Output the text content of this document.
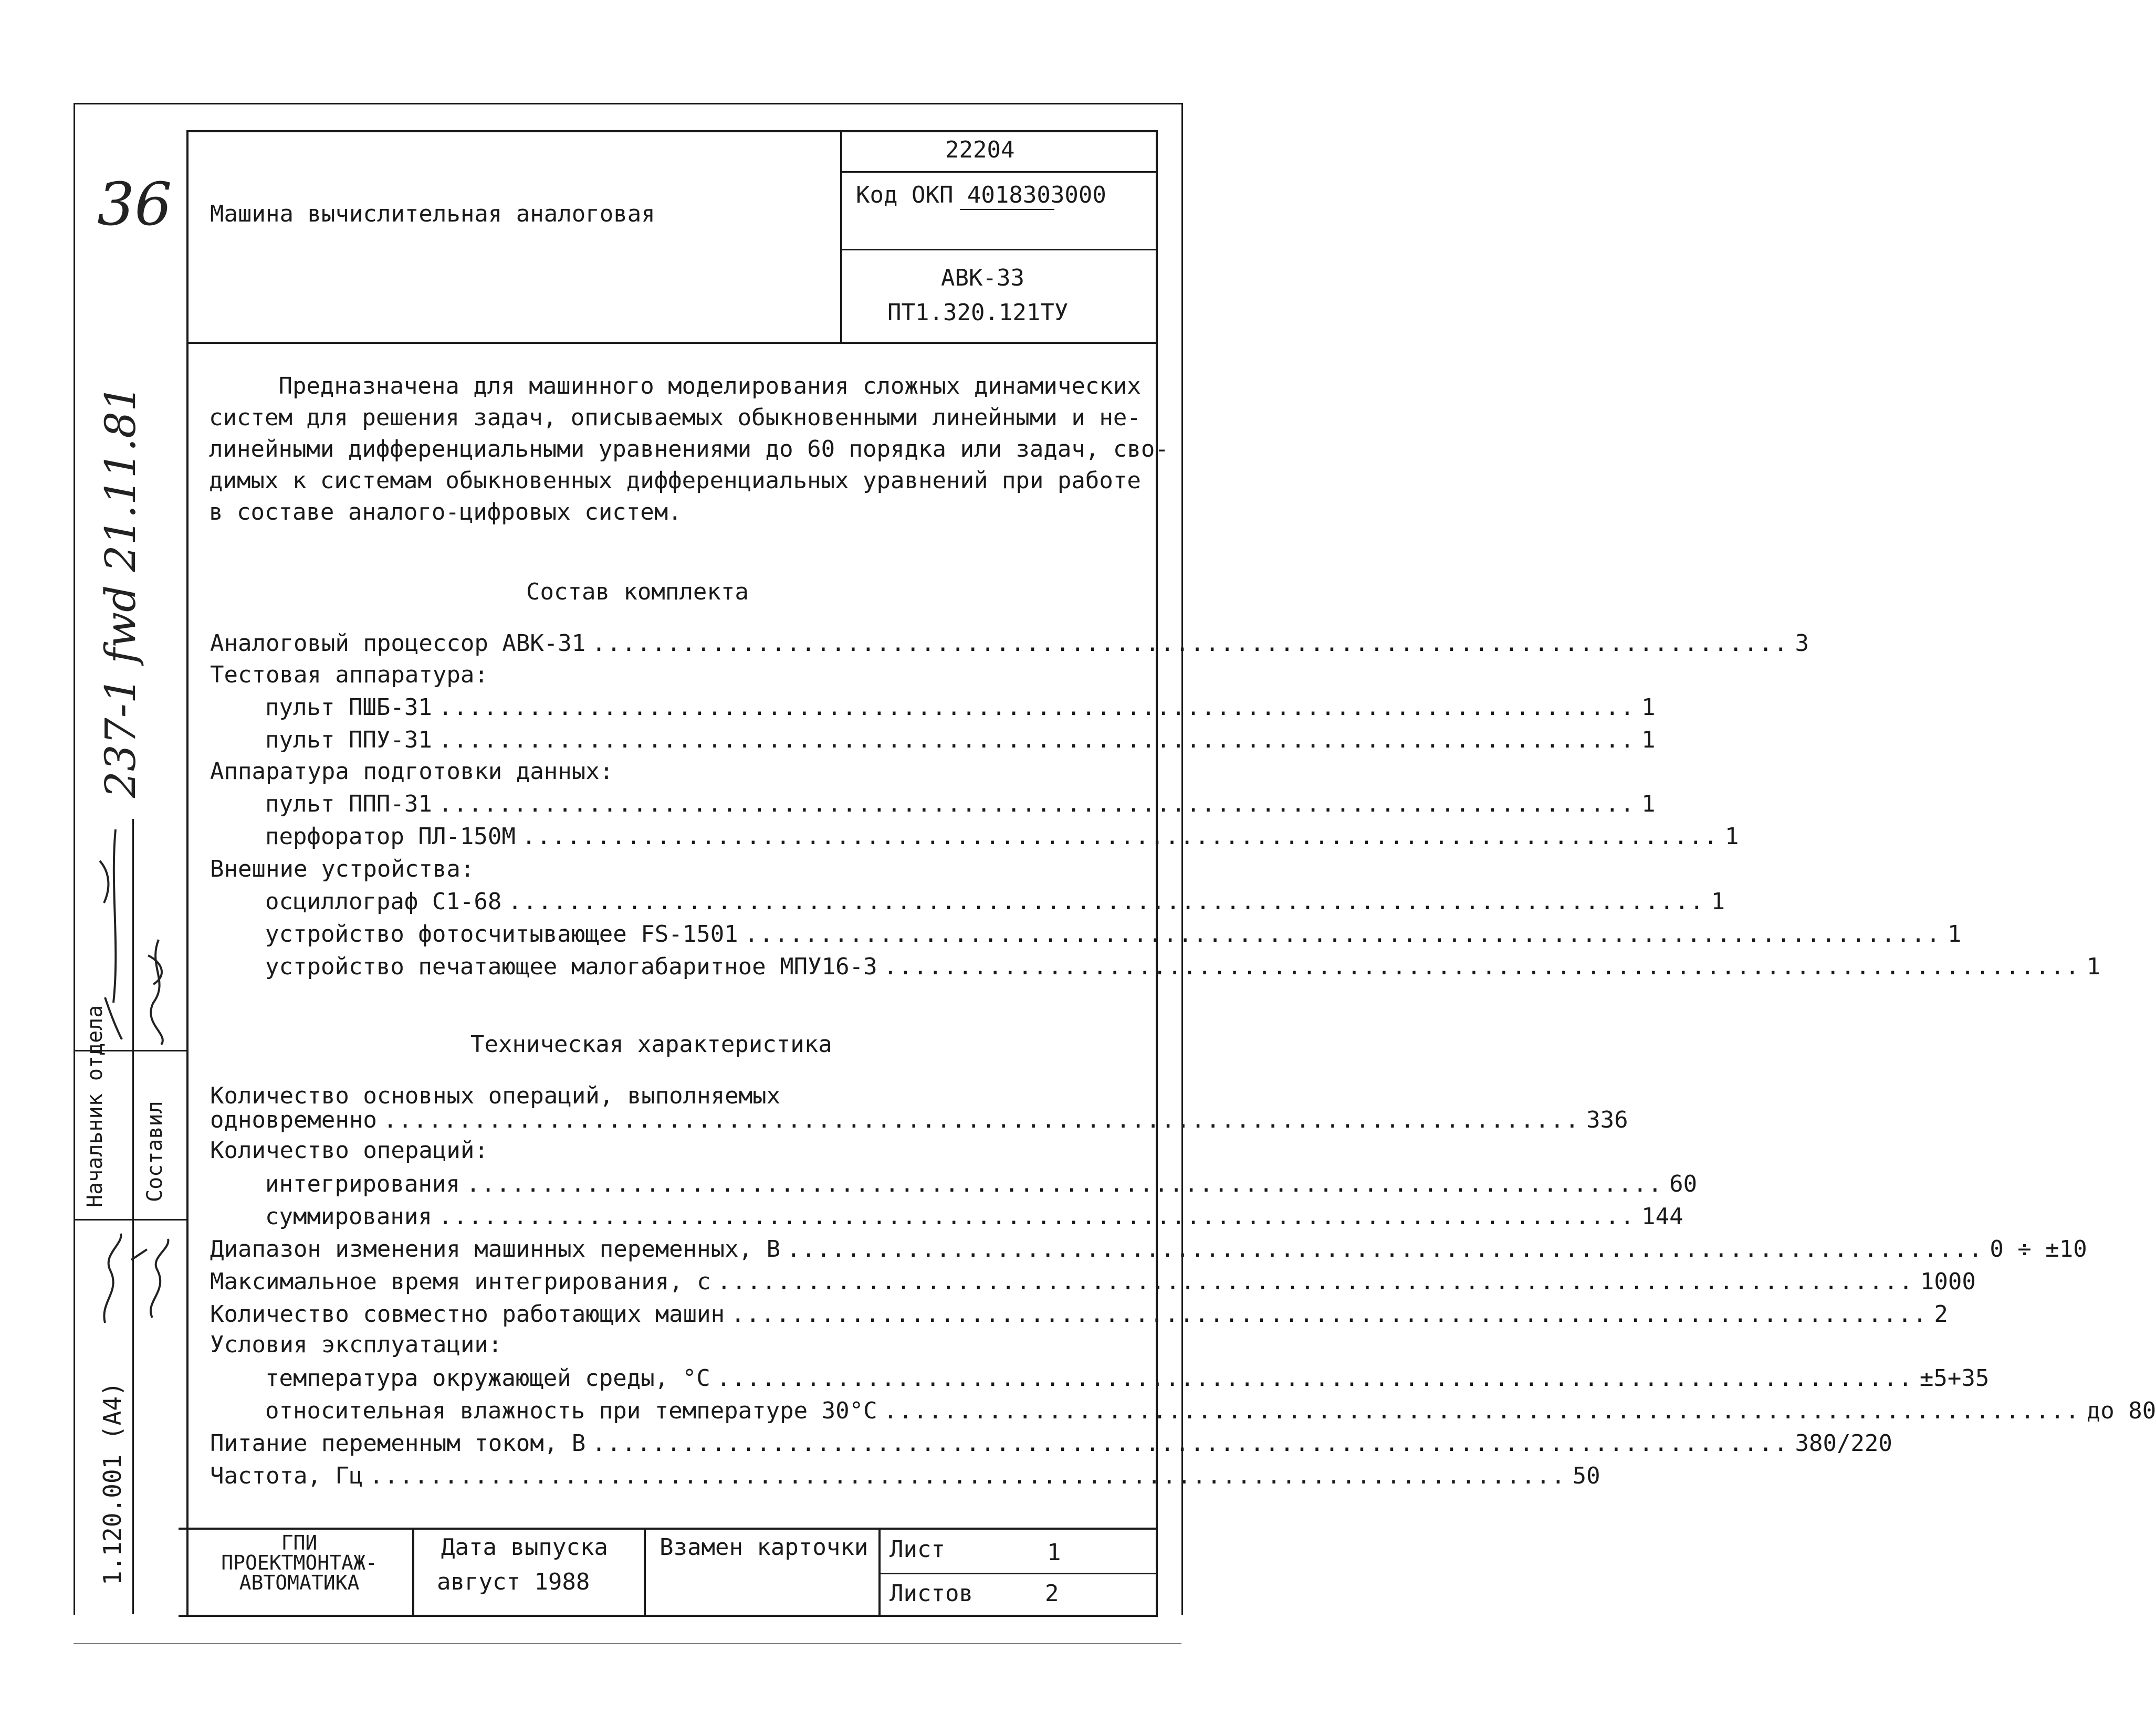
Машина вычислительная аналоговая
22204
Код ОКП 4018303000
АВК-33
ПТ1.320.121ТУ
Предназначена для машинного моделирования сложных динамических
систем для решения задач, описываемых обыкновенными линейными и не-
линейными дифференциальными уравнениями до 60 порядка или задач, сво-
димых к системам обыкновенных дифференциальных уравнений при работе
в составе аналого-цифровых систем.
Состав комплекта
Аналоговый процессор АВК-31 ................................................................................ 3
Тестовая аппаратура:
пульт ПШБ-31 ................................................................................ 1
пульт ППУ-31 ................................................................................ 1
Аппаратура подготовки данных:
пульт ППП-31 ................................................................................ 1
перфоратор ПЛ-150М ................................................................................ 1
Внешние устройства:
осциллограф С1-68 ................................................................................ 1
устройство фотосчитывающее FS-1501 ................................................................................ 1
устройство печатающее малогабаритное МПУ16-3 ................................................................................ 1
Техническая характеристика
Количество основных операций, выполняемых
одновременно ................................................................................ 336
Количество операций:
интегрирования ................................................................................ 60
суммирования ................................................................................ 144
Диапазон изменения машинных переменных, В ................................................................................ 0 ÷ ±10
Максимальное время интегрирования, с ................................................................................ 1000
Количество совместно работающих машин ................................................................................ 2
Условия эксплуатации:
температура окружающей среды, °С ................................................................................ ±5+35
относительная влажность при температуре 30°С ................................................................................ до 80
Питание переменным током, В ................................................................................ 380/220
Частота, Гц ................................................................................ 50
ГПИ
ПРОЕКТМОНТАЖ-
АВТОМАТИКА
Дата выпуска
август 1988
Взамен карточки Лист	1
Листов	2
36
237-1 fwd 21.11.81
Начальник отдела Составил
1.120.001 (A4)
